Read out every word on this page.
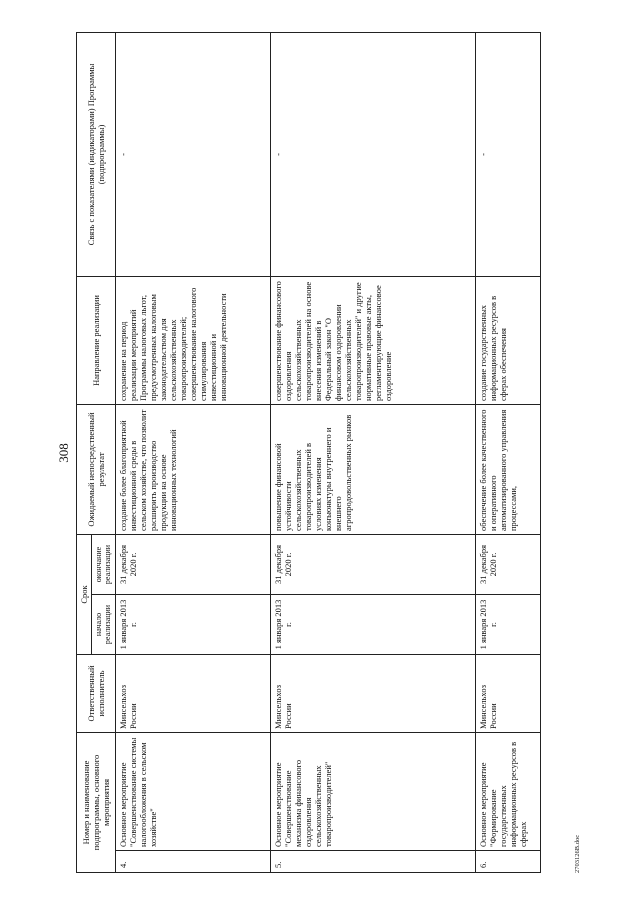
308
Номер и наименование подпрограммы, основного мероприятия		Ответственный исполнитель	Срок		Ожидаемый непосредственный результат	Направление реализации	Связь с показателями (индикаторами) Программы (подпрограммы)
			начало реализации	окончание реализации			
4.	Основное мероприятие "Совершенствование системы налогообложения в сельском хозяйстве"	Минсельхоз России	1 января 2013 г.	31 декабря 2020 г.	создание более благоприятной инвестиционной среды в сельском хозяйстве, что позволит расширить производство продукции на основе инновационных технологий	сохранение на период реализации мероприятий Программы налоговых льгот, предусмотренных налоговым законодательством для сельскохозяйственных товаропроизводителей; совершенствование налогового стимулирования инвестиционной и инновационной деятельности	-
5.	Основное мероприятие "Совершенствование механизма финансового оздоровления сельскохозяйственных товаропроизводителей"	Минсельхоз России	1 января 2013 г.	31 декабря 2020 г.	повышение финансовой устойчивости сельскохозяйственных товаропроизводителей в условиях изменения конъюнктуры внутреннего и внешнего агропродовольственных рынков	совершенствование финансового оздоровления сельскохозяйственных товаропроизводителей на основе внесения изменений в Федеральный закон "О финансовом оздоровлении сельскохозяйственных товаропроизводителей" и другие нормативные правовые акты, регламентирующие финансовое оздоровление	-
6.	Основное мероприятие "Формирование государственных информационных ресурсов в сферах	Минсельхоз России	1 января 2013 г.	31 декабря 2020 г.	обеспечение более качественного и оперативного автоматизированного управления процессами,	создание государственных информационных ресурсов в сферах обеспечения	-
2703126В.doc
